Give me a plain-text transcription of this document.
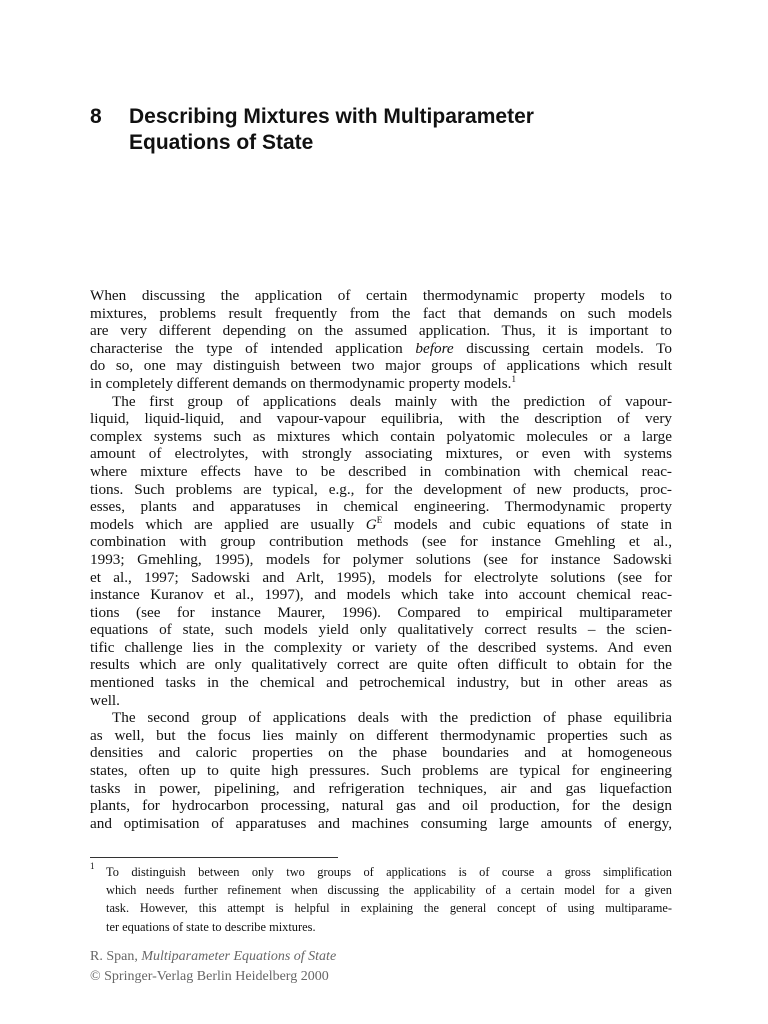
8 Describing Mixtures with Multiparameter
Equations of State
When discussing the application of certain thermodynamic property models to
mixtures, problems result frequently from the fact that demands on such models
are very different depending on the assumed application. Thus, it is important to
characterise the type of intended application before discussing certain models. To
do so, one may distinguish between two major groups of applications which result
in completely different demands on thermodynamic property models.$^1$
The first group of applications deals mainly with the prediction of vapour-
liquid, liquid-liquid, and vapour-vapour equilibria, with the description of very
complex systems such as mixtures which contain polyatomic molecules or a large
amount of electrolytes, with strongly associating mixtures, or even with systems
where mixture effects have to be described in combination with chemical reac-
tions. Such problems are typical, e.g., for the development of new products, proc-
esses, plants and apparatuses in chemical engineering. Thermodynamic property
models which are applied are usually $G^E$ models and cubic equations of state in
combination with group contribution methods (see for instance Gmehling et al.,
1993; Gmehling, 1995), models for polymer solutions (see for instance Sadowski
et al., 1997; Sadowski and Arlt, 1995), models for electrolyte solutions (see for
instance Kuranov et al., 1997), and models which take into account chemical reac-
tions (see for instance Maurer, 1996). Compared to empirical multiparameter
equations of state, such models yield only qualitatively correct results – the scien-
tific challenge lies in the complexity or variety of the described systems. And even
results which are only qualitatively correct are quite often difficult to obtain for the
mentioned tasks in the chemical and petrochemical industry, but in other areas as
well.
The second group of applications deals with the prediction of phase equilibria
as well, but the focus lies mainly on different thermodynamic properties such as
densities and caloric properties on the phase boundaries and at homogeneous
states, often up to quite high pressures. Such problems are typical for engineering
tasks in power, pipelining, and refrigeration techniques, air and gas liquefaction
plants, for hydrocarbon processing, natural gas and oil production, for the design
and optimisation of apparatuses and machines consuming large amounts of energy,
1 To distinguish between only two groups of applications is of course a gross simplification
which needs further refinement when discussing the applicability of a certain model for a given
task. However, this attempt is helpful in explaining the general concept of using multiparame-
ter equations of state to describe mixtures.
R. Span, Multiparameter Equations of State
© Springer-Verlag Berlin Heidelberg 2000
